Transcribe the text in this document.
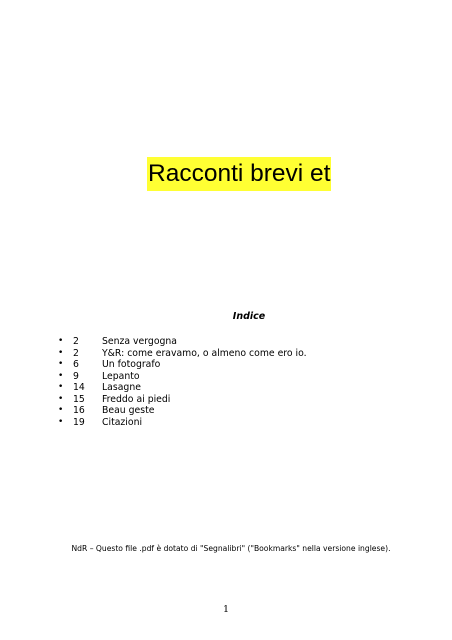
Racconti brevi et
Indice
• 2 Senza vergogna
• 2 Y&R: come eravamo, o almeno come ero io.
• 6 Un fotografo
• 9 Lepanto
• 14 Lasagne
• 15 Freddo ai piedi
• 16 Beau geste
• 19 Citazioni
NdR – Questo file .pdf è dotato di "Segnalibri" ("Bookmarks" nella versione inglese).
1
